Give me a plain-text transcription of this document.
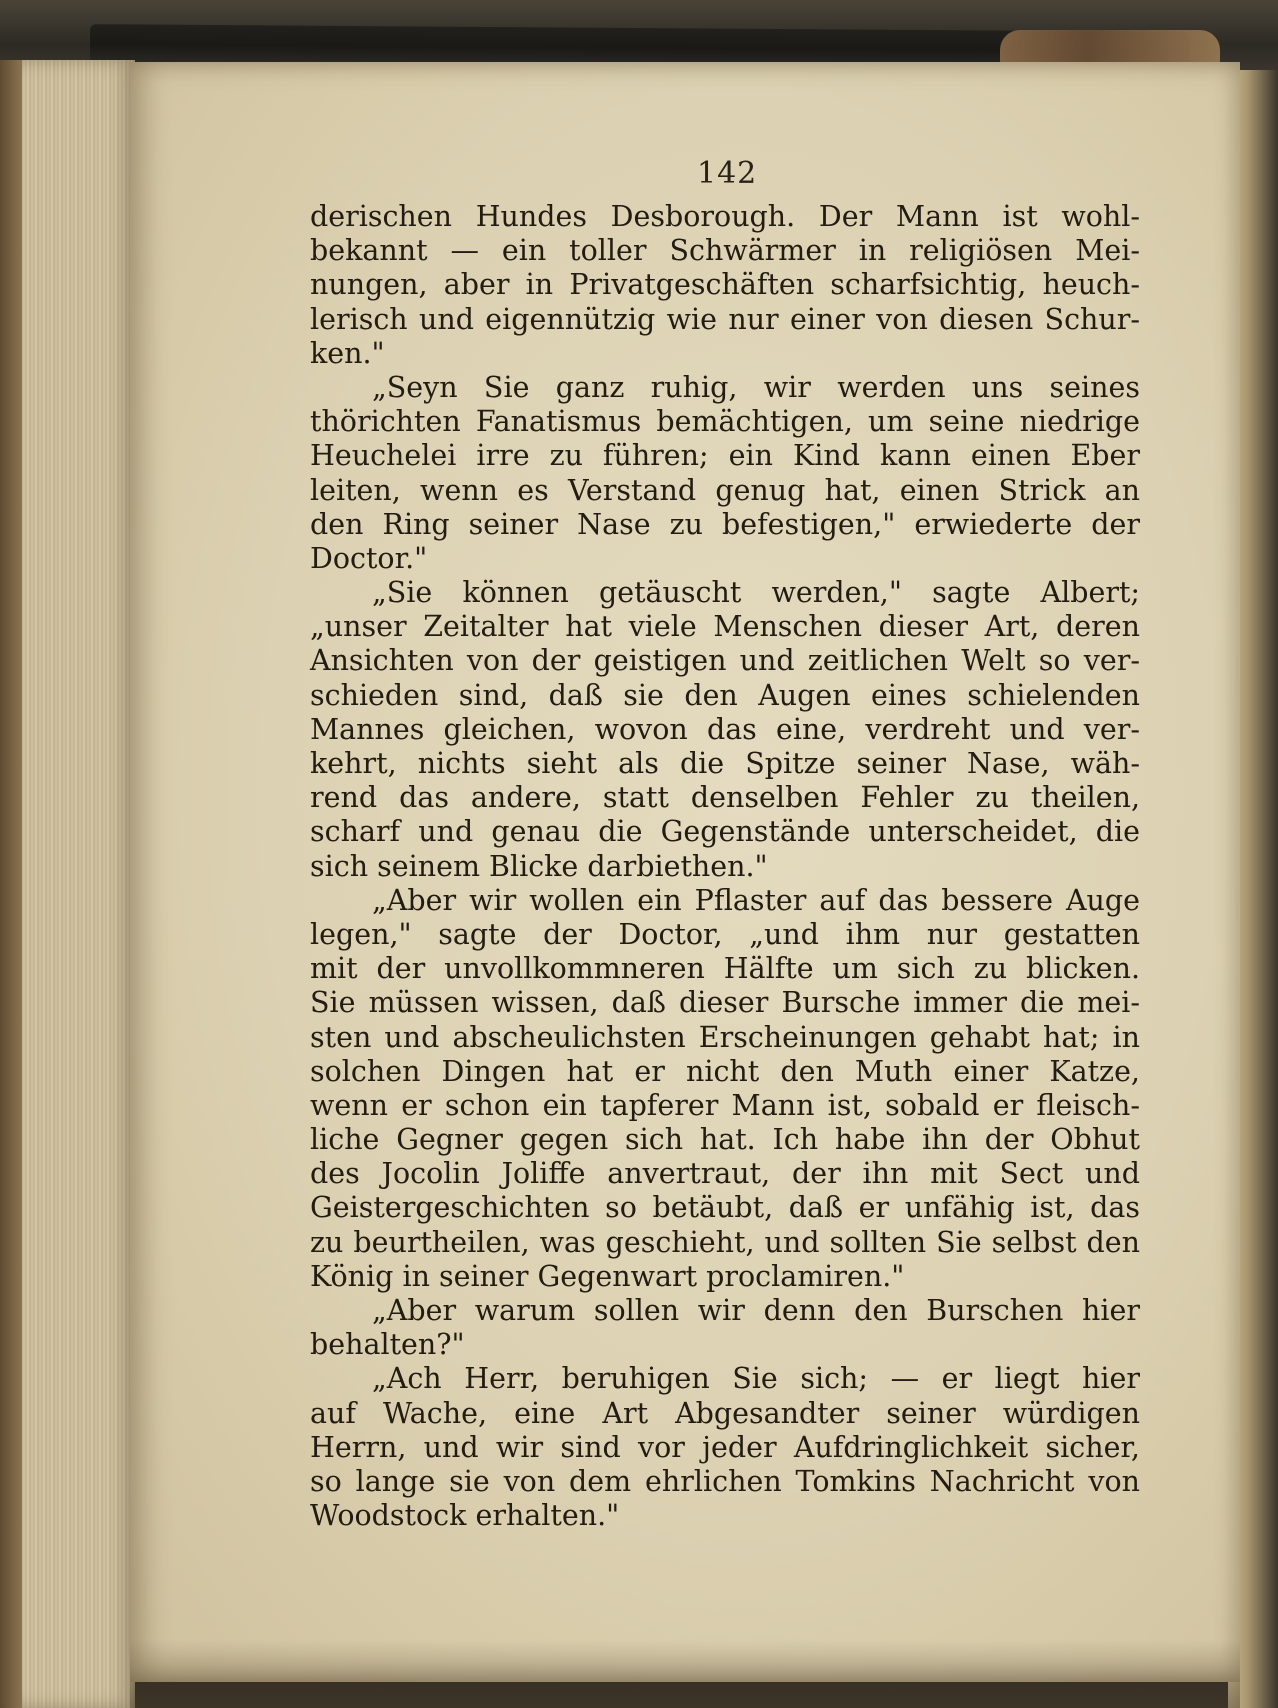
142
derischen Hundes Desborough. Der Mann ist wohl-
bekannt — ein toller Schwärmer in religiösen Mei-
nungen, aber in Privatgeschäften scharfsichtig, heuch-
lerisch und eigennützig wie nur einer von diesen Schur-
ken."
„Seyn Sie ganz ruhig, wir werden uns seines
thörichten Fanatismus bemächtigen, um seine niedrige
Heuchelei irre zu führen; ein Kind kann einen Eber
leiten, wenn es Verstand genug hat, einen Strick an
den Ring seiner Nase zu befestigen," erwiederte der
Doctor."
„Sie können getäuscht werden," sagte Albert;
„unser Zeitalter hat viele Menschen dieser Art, deren
Ansichten von der geistigen und zeitlichen Welt so ver-
schieden sind, daß sie den Augen eines schielenden
Mannes gleichen, wovon das eine, verdreht und ver-
kehrt, nichts sieht als die Spitze seiner Nase, wäh-
rend das andere, statt denselben Fehler zu theilen,
scharf und genau die Gegenstände unterscheidet, die
sich seinem Blicke darbiethen."
„Aber wir wollen ein Pflaster auf das bessere Auge
legen," sagte der Doctor, „und ihm nur gestatten
mit der unvollkommneren Hälfte um sich zu blicken.
Sie müssen wissen, daß dieser Bursche immer die mei-
sten und abscheulichsten Erscheinungen gehabt hat; in
solchen Dingen hat er nicht den Muth einer Katze,
wenn er schon ein tapferer Mann ist, sobald er fleisch-
liche Gegner gegen sich hat. Ich habe ihn der Obhut
des Jocolin Joliffe anvertraut, der ihn mit Sect und
Geistergeschichten so betäubt, daß er unfähig ist, das
zu beurtheilen, was geschieht, und sollten Sie selbst den
König in seiner Gegenwart proclamiren."
„Aber warum sollen wir denn den Burschen hier
behalten?"
„Ach Herr, beruhigen Sie sich; — er liegt hier
auf Wache, eine Art Abgesandter seiner würdigen
Herrn, und wir sind vor jeder Aufdringlichkeit sicher,
so lange sie von dem ehrlichen Tomkins Nachricht von
Woodstock erhalten."
